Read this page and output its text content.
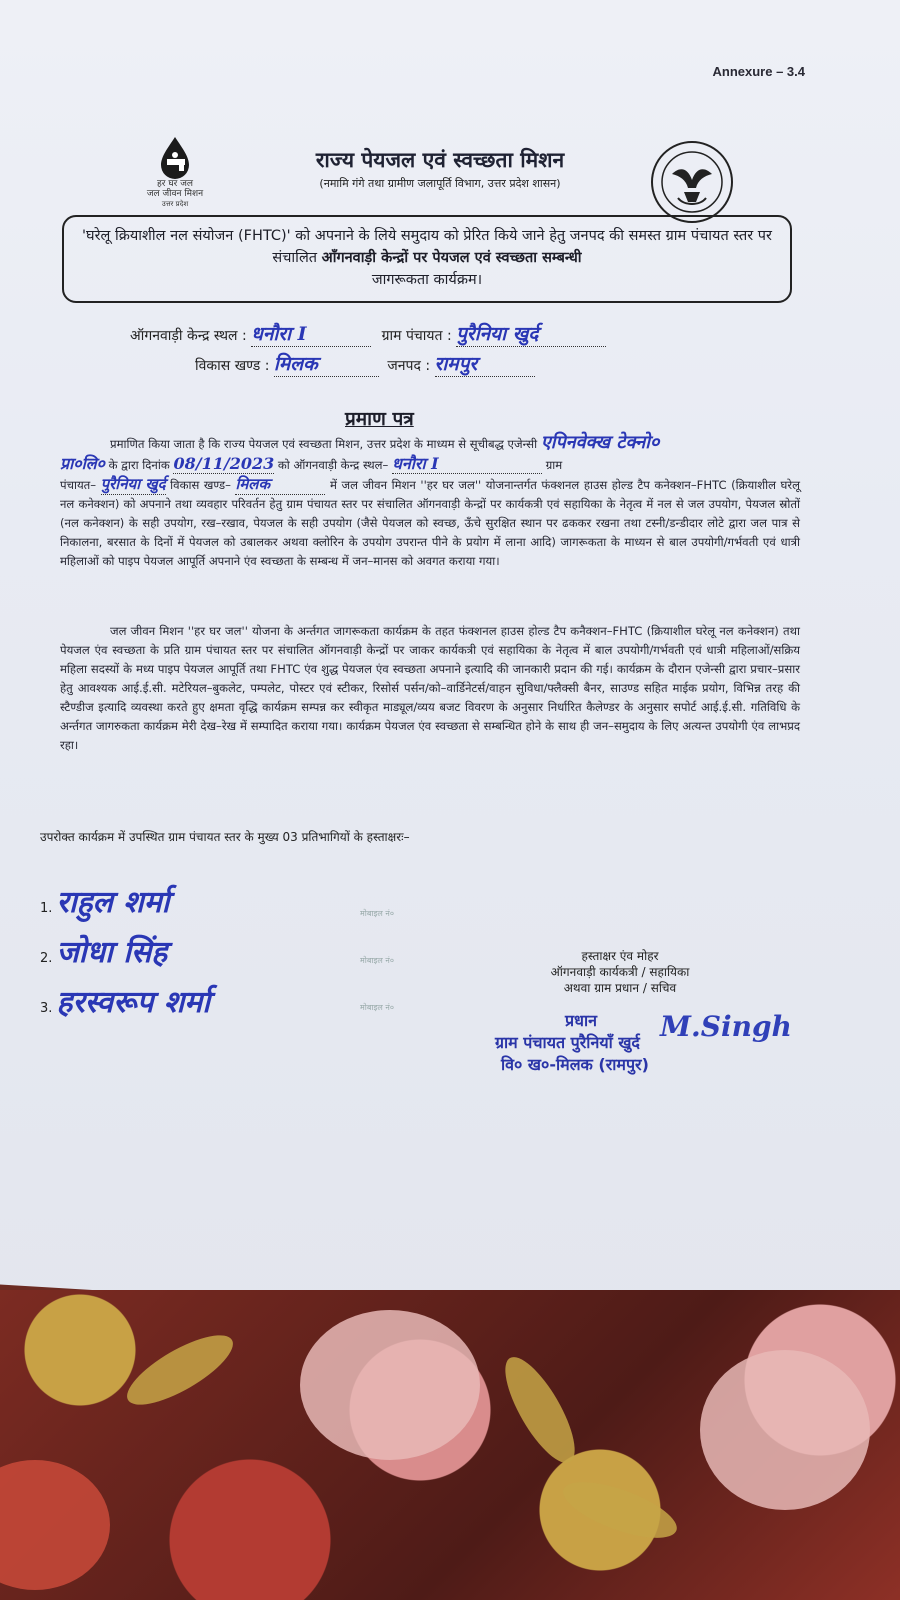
Annexure – 3.4
हर घर जल
जल जीवन मिशन
उत्तर प्रदेश
राज्य पेयजल एवं स्वच्छता मिशन
(नमामि गंगे तथा ग्रामीण जलापूर्ति विभाग, उत्तर प्रदेश शासन)
'घरेलू क्रियाशील नल संयोजन (FHTC)' को अपनाने के लिये समुदाय को प्रेरित किये जाने हेतु जनपद की समस्त ग्राम पंचायत स्तर पर संचालित आँगनवाड़ी केन्द्रों पर पेयजल एवं स्वच्छता सम्बन्धी
जागरूकता कार्यक्रम।
ऑगनवाड़ी केन्द्र स्थल : धनौरा I	ग्राम पंचायत : पुरैनिया खुर्द
विकास खण्ड : मिलक	जनपद : रामपुर
प्रमाण पत्र

प्रमाणित किया जाता है कि राज्य पेयजल एवं स्वच्छता मिशन, उत्तर प्रदेश के माध्यम से सूचीबद्ध एजेन्सी एपिनवेक्ख टेक्नो०

प्रा०लि० के द्वारा दिनांक 08/11/2023 को ऑगनवाड़ी केन्द्र स्थल– धनौरा I	ग्राम
पंचायत– पुरैनिया खुर्द विकास खण्ड– मिलक	में जल जीवन मिशन ''हर घर जल'' योजनान्तर्गत फंक्शनल हाउस होल्ड टैप कनेक्शन–FHTC (क्रियाशील घरेलू नल कनेक्शन) को अपनाने तथा व्यवहार परिवर्तन हेतु ग्राम पंचायत स्तर पर संचालित ऑगनवाड़ी केन्द्रों पर कार्यकत्री एवं सहायिका के नेतृत्व में नल से जल उपयोग, पेयजल स्रोतों (नल कनेक्शन) के सही उपयोग, रख–रखाव, पेयजल के सही उपयोग (जैसे पेयजल को स्वच्छ, ऊँचे सुरक्षित स्थान पर ढककर रखना तथा टस्नी/डन्डीदार लोटे द्वारा जल पात्र से निकालना, बरसात के दिनों में पेयजल को उबालकर अथवा क्लोरिन के उपयोग उपरान्त पीने के प्रयोग में लाना आदि) जागरूकता के माध्यन से बाल उपयोगी/गर्भवती एवं धात्री महिलाओं को पाइप पेयजल आपूर्ति अपनाने एंव स्वच्छता के सम्बन्ध में जन–मानस को अवगत कराया गया।

जल जीवन मिशन ''हर घर जल'' योजना के अर्न्तगत जागरूकता कार्यक्रम के तहत फंक्शनल हाउस होल्ड टैप कनैक्शन–FHTC (क्रियाशील घरेलू नल कनेक्शन) तथा पेयजल एंव स्वच्छता के प्रति ग्राम पंचायत स्तर पर संचालित ऑगनवाड़ी केन्द्रों पर जाकर कार्यकत्री एवं सहायिका के नेतृत्व में बाल उपयोगी/गर्भवती एवं धात्री महिलाओं/सक्रिय महिला सदस्यों के मध्य पाइप पेयजल आपूर्ति तथा FHTC एंव शुद्ध पेयजल एंव स्वच्छता अपनाने इत्यादि की जानकारी प्रदान की गई। कार्यक्रम के दौरान एजेन्सी द्वारा प्रचार–प्रसार हेतु आवश्यक आई.ई.सी. मटेरियल–बुकलेट, पम्पलेट, पोस्टर एवं स्टीकर, रिसोर्स पर्सन/को–वार्डिनेटर्स/वाहन सुविधा/फ्लैक्सी बैनर, साउण्ड सहित माईक प्रयोग, विभिन्न तरह की स्टैण्डीज इत्यादि व्यवस्था करते हुए क्षमता वृद्धि कार्यक्रम सम्पन्न कर स्वीकृत माड्यूल/व्यय बजट विवरण के अनुसार निर्धारित कैलेण्डर के अनुसार सपोर्ट आई.ई.सी. गतिविधि के अर्न्तगत जागरुकता कार्यक्रम मेरी देख–रेख में सम्पादित कराया गया। कार्यक्रम पेयजल एंव स्वच्छता से सम्बन्धित होने के साथ ही जन–समुदाय के लिए अत्यन्त उपयोगी एंव लाभप्रद रहा।

उपरोक्त कार्यक्रम में उपस्थित ग्राम पंचायत स्तर के मुख्य 03 प्रतिभागियों के हस्ताक्षरः–
1. राहुल शर्मा	मोबाइल नं०
2. जोधा सिंह	मोबाइल नं०
3. हरस्वरूप शर्मा	मोबाइल नं०
हस्ताक्षर एंव मोहर
ऑगनवाड़ी कार्यकत्री / सहायिका
अथवा ग्राम प्रधान / सचिव
प्रधान
ग्राम पंचायत पुरैनियाँ खुर्द
वि० ख०-मिलक (रामपुर)
M.Singh
